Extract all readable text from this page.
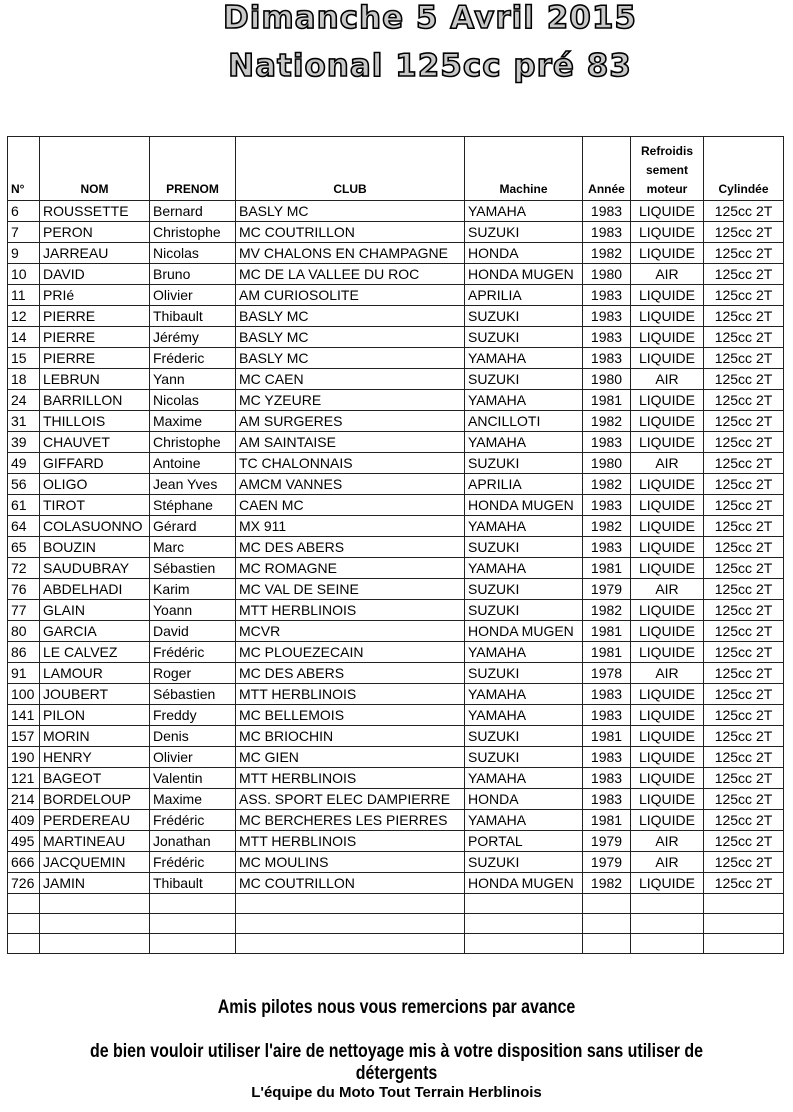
Dimanche 5 Avril 2015
National 125cc pré 83
N°	NOM	PRENOM	CLUB	Machine	Année	Refroidis sement moteur	Cylindée
6	ROUSSETTE	Bernard	BASLY MC	YAMAHA	1983	LIQUIDE	125cc 2T
7	PERON	Christophe	MC COUTRILLON	SUZUKI	1983	LIQUIDE	125cc 2T
9	JARREAU	Nicolas	MV CHALONS EN CHAMPAGNE	HONDA	1982	LIQUIDE	125cc 2T
10	DAVID	Bruno	MC DE LA VALLEE DU ROC	HONDA MUGEN	1980	AIR	125cc 2T
11	PRIé	Olivier	AM CURIOSOLITE	APRILIA	1983	LIQUIDE	125cc 2T
12	PIERRE	Thibault	BASLY MC	SUZUKI	1983	LIQUIDE	125cc 2T
14	PIERRE	Jérémy	BASLY MC	SUZUKI	1983	LIQUIDE	125cc 2T
15	PIERRE	Fréderic	BASLY MC	YAMAHA	1983	LIQUIDE	125cc 2T
18	LEBRUN	Yann	MC CAEN	SUZUKI	1980	AIR	125cc 2T
24	BARRILLON	Nicolas	MC YZEURE	YAMAHA	1981	LIQUIDE	125cc 2T
31	THILLOIS	Maxime	AM SURGERES	ANCILLOTI	1982	LIQUIDE	125cc 2T
39	CHAUVET	Christophe	AM SAINTAISE	YAMAHA	1983	LIQUIDE	125cc 2T
49	GIFFARD	Antoine	TC CHALONNAIS	SUZUKI	1980	AIR	125cc 2T
56	OLIGO	Jean Yves	AMCM VANNES	APRILIA	1982	LIQUIDE	125cc 2T
61	TIROT	Stéphane	CAEN MC	HONDA MUGEN	1983	LIQUIDE	125cc 2T
64	COLASUONNO	Gérard	MX 911	YAMAHA	1982	LIQUIDE	125cc 2T
65	BOUZIN	Marc	MC DES ABERS	SUZUKI	1983	LIQUIDE	125cc 2T
72	SAUDUBRAY	Sébastien	MC ROMAGNE	YAMAHA	1981	LIQUIDE	125cc 2T
76	ABDELHADI	Karim	MC VAL DE SEINE	SUZUKI	1979	AIR	125cc 2T
77	GLAIN	Yoann	MTT HERBLINOIS	SUZUKI	1982	LIQUIDE	125cc 2T
80	GARCIA	David	MCVR	HONDA MUGEN	1981	LIQUIDE	125cc 2T
86	LE CALVEZ	Frédéric	MC PLOUEZECAIN	YAMAHA	1981	LIQUIDE	125cc 2T
91	LAMOUR	Roger	MC DES ABERS	SUZUKI	1978	AIR	125cc 2T
100	JOUBERT	Sébastien	MTT HERBLINOIS	YAMAHA	1983	LIQUIDE	125cc 2T
141	PILON	Freddy	MC BELLEMOIS	YAMAHA	1983	LIQUIDE	125cc 2T
157	MORIN	Denis	MC BRIOCHIN	SUZUKI	1981	LIQUIDE	125cc 2T
190	HENRY	Olivier	MC GIEN	SUZUKI	1983	LIQUIDE	125cc 2T
121	BAGEOT	Valentin	MTT HERBLINOIS	YAMAHA	1983	LIQUIDE	125cc 2T
214	BORDELOUP	Maxime	ASS. SPORT ELEC DAMPIERRE	HONDA	1983	LIQUIDE	125cc 2T
409	PERDEREAU	Frédéric	MC BERCHERES LES PIERRES	YAMAHA	1981	LIQUIDE	125cc 2T
495	MARTINEAU	Jonathan	MTT HERBLINOIS	PORTAL	1979	AIR	125cc 2T
666	JACQUEMIN	Frédéric	MC MOULINS	SUZUKI	1979	AIR	125cc 2T
726	JAMIN	Thibault	MC COUTRILLON	HONDA MUGEN	1982	LIQUIDE	125cc 2T

Amis pilotes nous vous remercions par avance
de bien vouloir utiliser l'aire de nettoyage mis à votre disposition sans utiliser de détergents
L'équipe du Moto Tout Terrain Herblinois
